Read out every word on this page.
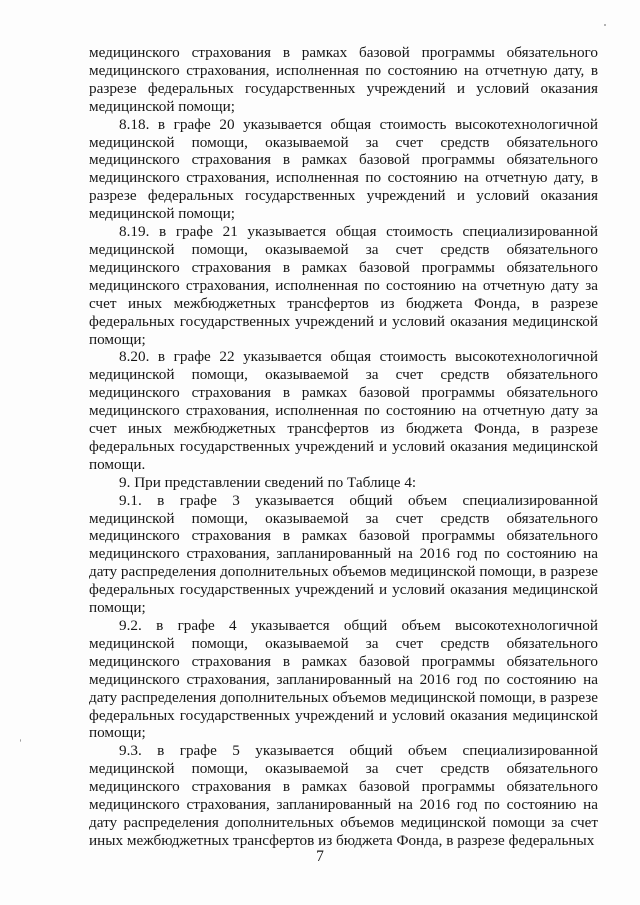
медицинского страхования в рамках базовой программы обязательного медицинского страхования, исполненная по состоянию на отчетную дату, в разрезе федеральных государственных учреждений и условий оказания медицинской помощи;

8.18. в графе 20 указывается общая стоимость высокотехнологичной медицинской помощи, оказываемой за счет средств обязательного медицинского страхования в рамках базовой программы обязательного медицинского страхования, исполненная по состоянию на отчетную дату, в разрезе федеральных государственных учреждений и условий оказания медицинской помощи;

8.19. в графе 21 указывается общая стоимость специализированной медицинской помощи, оказываемой за счет средств обязательного медицинского страхования в рамках базовой программы обязательного медицинского страхования, исполненная по состоянию на отчетную дату за счет иных межбюджетных трансфертов из бюджета Фонда, в разрезе федеральных государственных учреждений и условий оказания медицинской помощи;

8.20. в графе 22 указывается общая стоимость высокотехнологичной медицинской помощи, оказываемой за счет средств обязательного медицинского страхования в рамках базовой программы обязательного медицинского страхования, исполненная по состоянию на отчетную дату за счет иных межбюджетных трансфертов из бюджета Фонда, в разрезе федеральных государственных учреждений и условий оказания медицинской помощи.

9. При представлении сведений по Таблице 4:

9.1. в графе 3 указывается общий объем специализированной медицинской помощи, оказываемой за счет средств обязательного медицинского страхования в рамках базовой программы обязательного медицинского страхования, запланированный на 2016 год по состоянию на дату распределения дополнительных объемов медицинской помощи, в разрезе федеральных государственных учреждений и условий оказания медицинской помощи;

9.2. в графе 4 указывается общий объем высокотехнологичной медицинской помощи, оказываемой за счет средств обязательного медицинского страхования в рамках базовой программы обязательного медицинского страхования, запланированный на 2016 год по состоянию на дату распределения дополнительных объемов медицинской помощи, в разрезе федеральных государственных учреждений и условий оказания медицинской помощи;

9.3. в графе 5 указывается общий объем специализированной медицинской помощи, оказываемой за счет средств обязательного медицинского страхования в рамках базовой программы обязательного медицинского страхования, запланированный на 2016 год по состоянию на дату распределения дополнительных объемов медицинской помощи за счет иных межбюджетных трансфертов из бюджета Фонда, в разрезе федеральных

7
